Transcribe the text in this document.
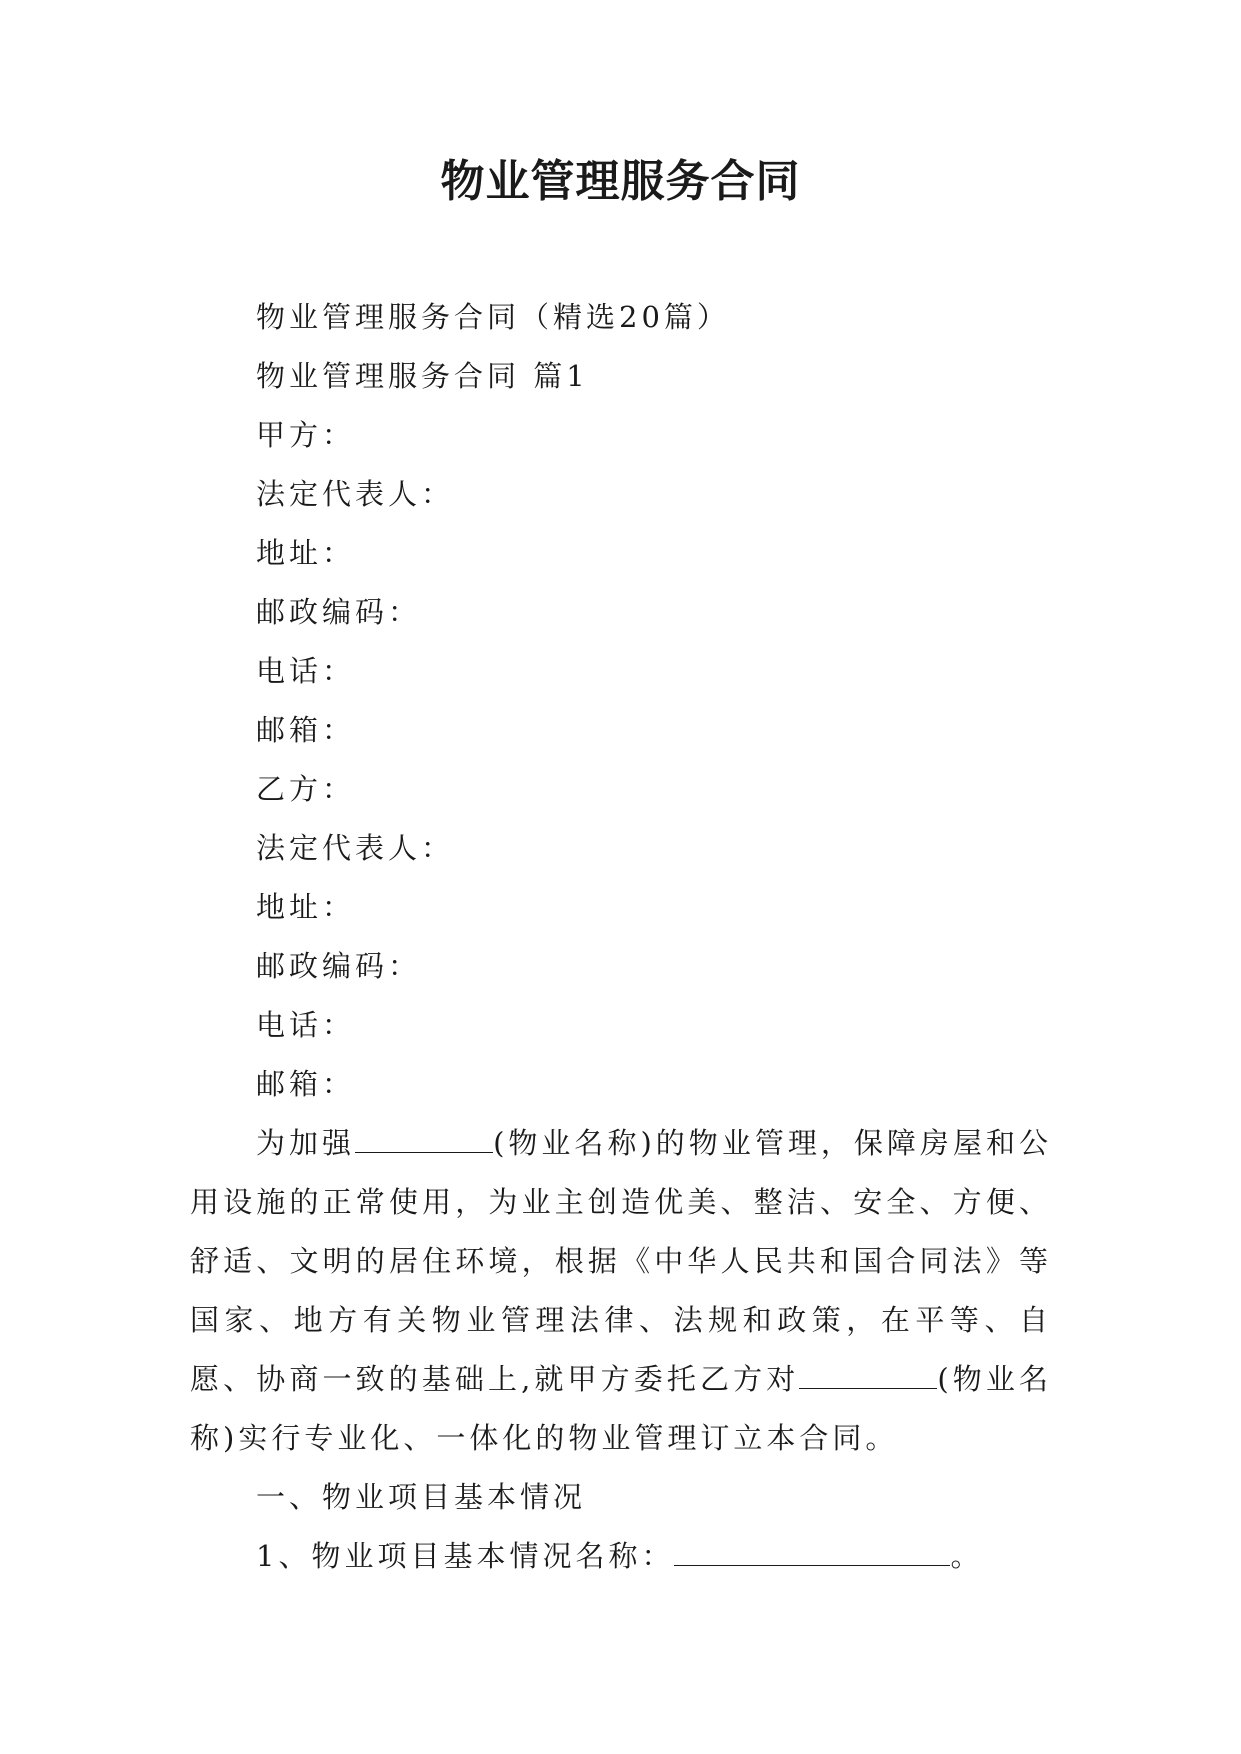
物业管理服务合同
物业管理服务合同（精选20篇）
物业管理服务合同 篇1
甲方：
法定代表人：
地址：
邮政编码：
电话：
邮箱：
乙方：
法定代表人：
地址：
邮政编码：
电话：
邮箱：

为加强	(物业名称)的物业管理，保障房屋和公用设施的正常使用，为业主创造优美、整洁、安全、方便、舒适、文明的居住环境，根据《中华人民共和国合同法》等国家、地方有关物业管理法律、法规和政策，在平等、自愿、协商一致的基础上,就甲方委托乙方对	(物业名称)实行专业化、一体化的物业管理订立本合同。

一、物业项目基本情况
1、物业项目基本情况名称：	。
